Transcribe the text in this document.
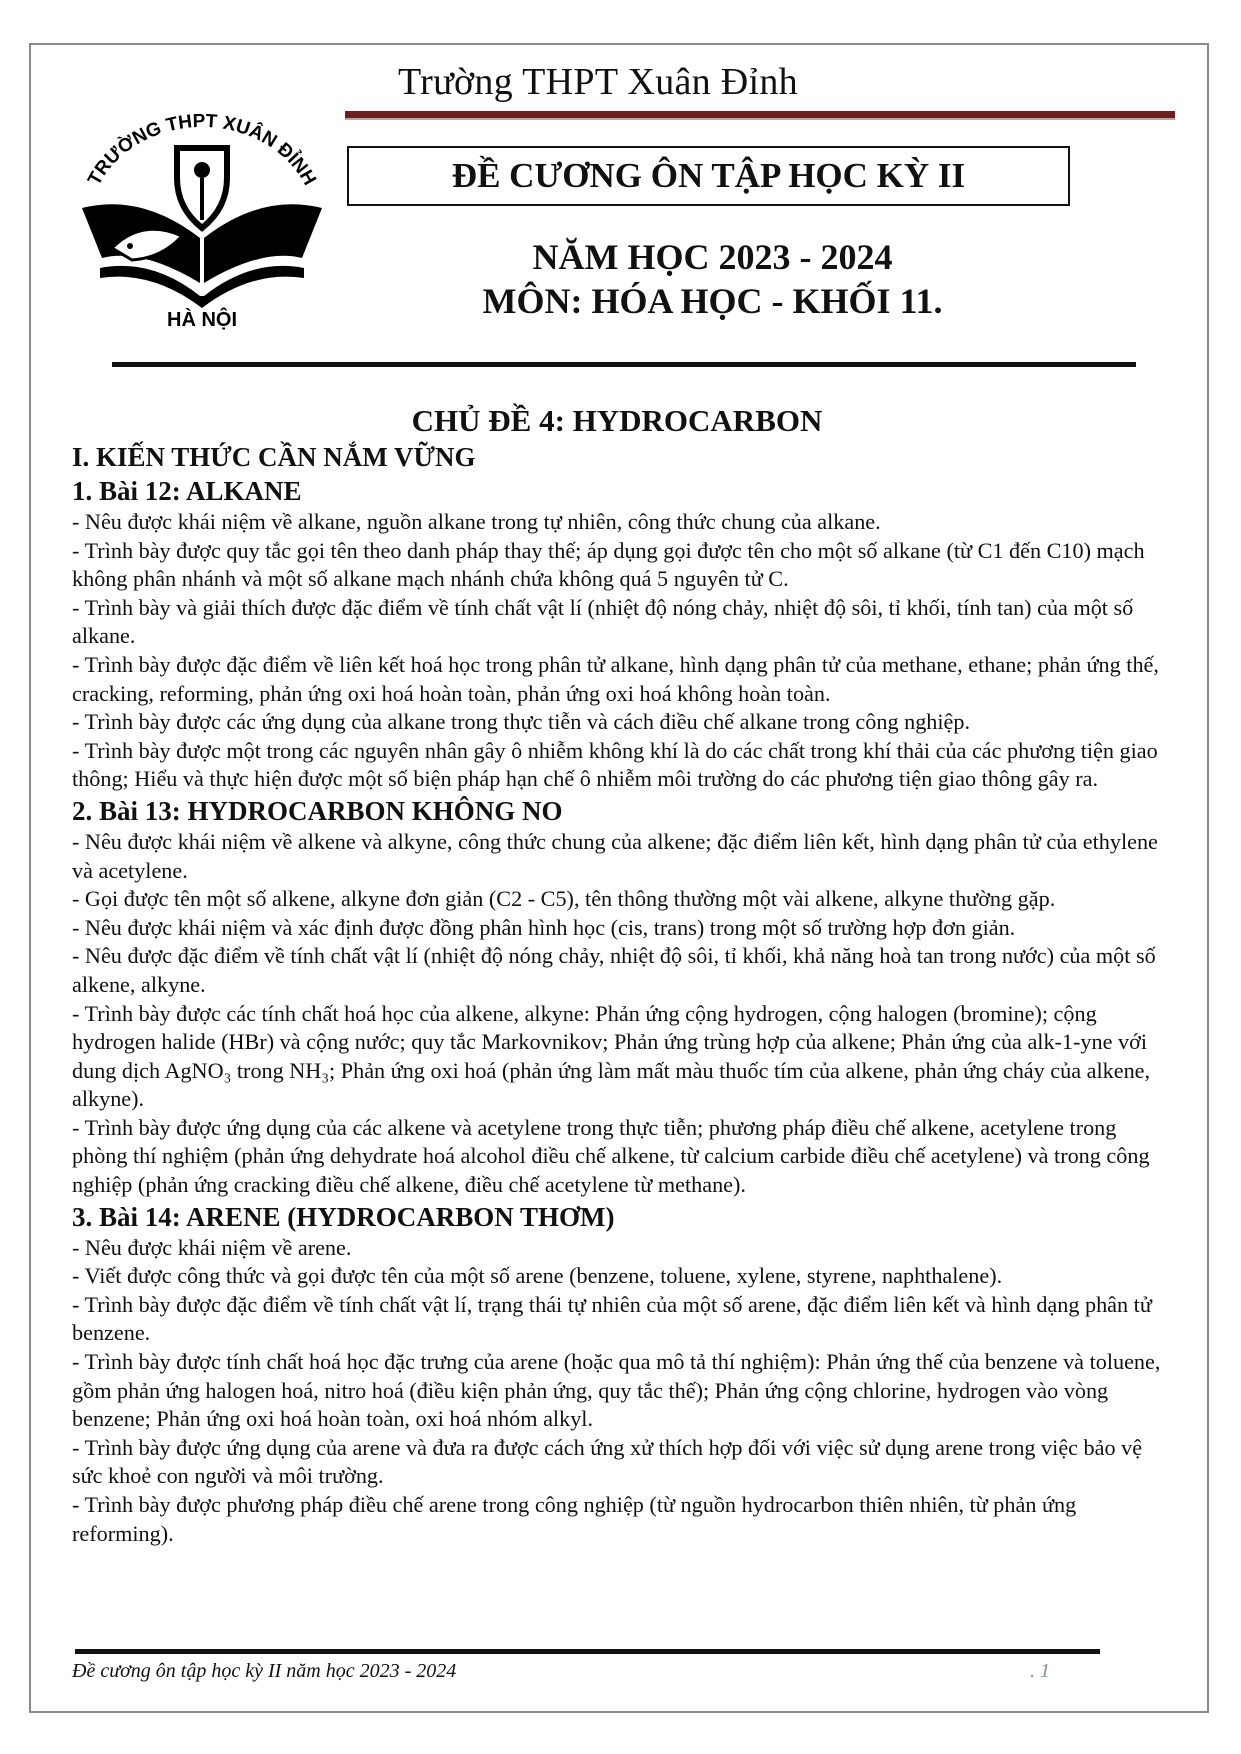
Trường THPT Xuân Đỉnh
TRƯỜNG THPT XUÂN ĐỈNH
HÀ NỘI
ĐỀ CƯƠNG ÔN TẬP HỌC KỲ II
NĂM HỌC 2023 - 2024
MÔN: HÓA HỌC - KHỐI 11.
CHỦ ĐỀ 4: HYDROCARBON
I. KIẾN THỨC CẦN NẮM VỮNG
1. Bài 12: ALKANE
- Nêu được khái niệm về alkane, nguồn alkane trong tự nhiên, công thức chung của alkane.
- Trình bày được quy tắc gọi tên theo danh pháp thay thế; áp dụng gọi được tên cho một số alkane (từ C1 đến C10) mạch không phân nhánh và một số alkane mạch nhánh chứa không quá 5 nguyên tử C.
- Trình bày và giải thích được đặc điểm về tính chất vật lí (nhiệt độ nóng chảy, nhiệt độ sôi, tỉ khối, tính tan) của một số alkane.
- Trình bày được đặc điểm về liên kết hoá học trong phân tử alkane, hình dạng phân tử của methane, ethane; phản ứng thế, cracking, reforming, phản ứng oxi hoá hoàn toàn, phản ứng oxi hoá không hoàn toàn.
- Trình bày được các ứng dụng của alkane trong thực tiễn và cách điều chế alkane trong công nghiệp.
- Trình bày được một trong các nguyên nhân gây ô nhiễm không khí là do các chất trong khí thải của các phương tiện giao thông; Hiểu và thực hiện được một số biện pháp hạn chế ô nhiễm môi trường do các phương tiện giao thông gây ra.
2. Bài 13: HYDROCARBON KHÔNG NO
- Nêu được khái niệm về alkene và alkyne, công thức chung của alkene; đặc điểm liên kết, hình dạng phân tử của ethylene và acetylene.
- Gọi được tên một số alkene, alkyne đơn giản (C2 - C5), tên thông thường một vài alkene, alkyne thường gặp.
- Nêu được khái niệm và xác định được đồng phân hình học (cis, trans) trong một số trường hợp đơn giản.
- Nêu được đặc điểm về tính chất vật lí (nhiệt độ nóng chảy, nhiệt độ sôi, tỉ khối, khả năng hoà tan trong nước) của một số alkene, alkyne.
- Trình bày được các tính chất hoá học của alkene, alkyne: Phản ứng cộng hydrogen, cộng halogen (bromine); cộng hydrogen halide (HBr) và cộng nước; quy tắc Markovnikov; Phản ứng trùng hợp của alkene; Phản ứng của alk-1-yne với dung dịch AgNO₃ trong NH₃; Phản ứng oxi hoá (phản ứng làm mất màu thuốc tím của alkene, phản ứng cháy của alkene, alkyne).
- Trình bày được ứng dụng của các alkene và acetylene trong thực tiễn; phương pháp điều chế alkene, acetylene trong phòng thí nghiệm (phản ứng dehydrate hoá alcohol điều chế alkene, từ calcium carbide điều chế acetylene) và trong công nghiệp (phản ứng cracking điều chế alkene, điều chế acetylene từ methane).
3. Bài 14: ARENE (HYDROCARBON THƠM)
- Nêu được khái niệm về arene.
- Viết được công thức và gọi được tên của một số arene (benzene, toluene, xylene, styrene, naphthalene).
- Trình bày được đặc điểm về tính chất vật lí, trạng thái tự nhiên của một số arene, đặc điểm liên kết và hình dạng phân tử benzene.
- Trình bày được tính chất hoá học đặc trưng của arene (hoặc qua mô tả thí nghiệm): Phản ứng thế của benzene và toluene, gồm phản ứng halogen hoá, nitro hoá (điều kiện phản ứng, quy tắc thế); Phản ứng cộng chlorine, hydrogen vào vòng benzene; Phản ứng oxi hoá hoàn toàn, oxi hoá nhóm alkyl.
- Trình bày được ứng dụng của arene và đưa ra được cách ứng xử thích hợp đối với việc sử dụng arene trong việc bảo vệ sức khoẻ con người và môi trường.
- Trình bày được phương pháp điều chế arene trong công nghiệp (từ nguồn hydrocarbon thiên nhiên, từ phản ứng reforming).
Đề cương ôn tập học kỳ II năm học 2023 - 2024	. 1
